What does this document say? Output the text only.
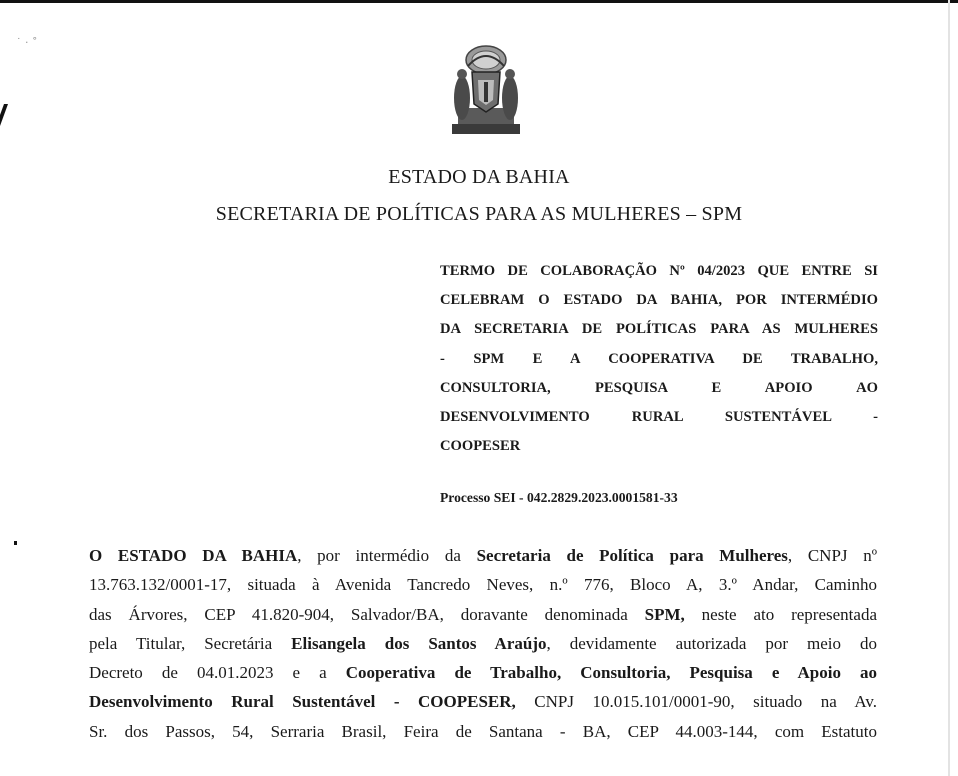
˙ · ˚
ESTADO DA BAHIA
SECRETARIA DE POLÍTICAS PARA AS MULHERES – SPM
TERMO DE COLABORAÇÃO Nº 04/2023 QUE ENTRE SI
CELEBRAM O ESTADO DA BAHIA, POR INTERMÉDIO
DA SECRETARIA DE POLÍTICAS PARA AS MULHERES
- SPM E A COOPERATIVA DE TRABALHO,
CONSULTORIA, PESQUISA E APOIO AO
DESENVOLVIMENTO RURAL SUSTENTÁVEL -
COOPESER
Processo SEI - 042.2829.2023.0001581-33
O ESTADO DA BAHIA, por intermédio da Secretaria de Política para Mulheres, CNPJ nº
13.763.132/0001-17, situada à Avenida Tancredo Neves, n.º 776, Bloco A, 3.º Andar, Caminho
das Árvores, CEP 41.820-904, Salvador/BA, doravante denominada SPM, neste ato representada
pela Titular, Secretária Elisangela dos Santos Araújo, devidamente autorizada por meio do
Decreto de 04.01.2023 e a Cooperativa de Trabalho, Consultoria, Pesquisa e Apoio ao
Desenvolvimento Rural Sustentável - COOPESER, CNPJ 10.015.101/0001-90, situado na Av.
Sr. dos Passos, 54, Serraria Brasil, Feira de Santana - BA, CEP 44.003-144, com Estatuto
